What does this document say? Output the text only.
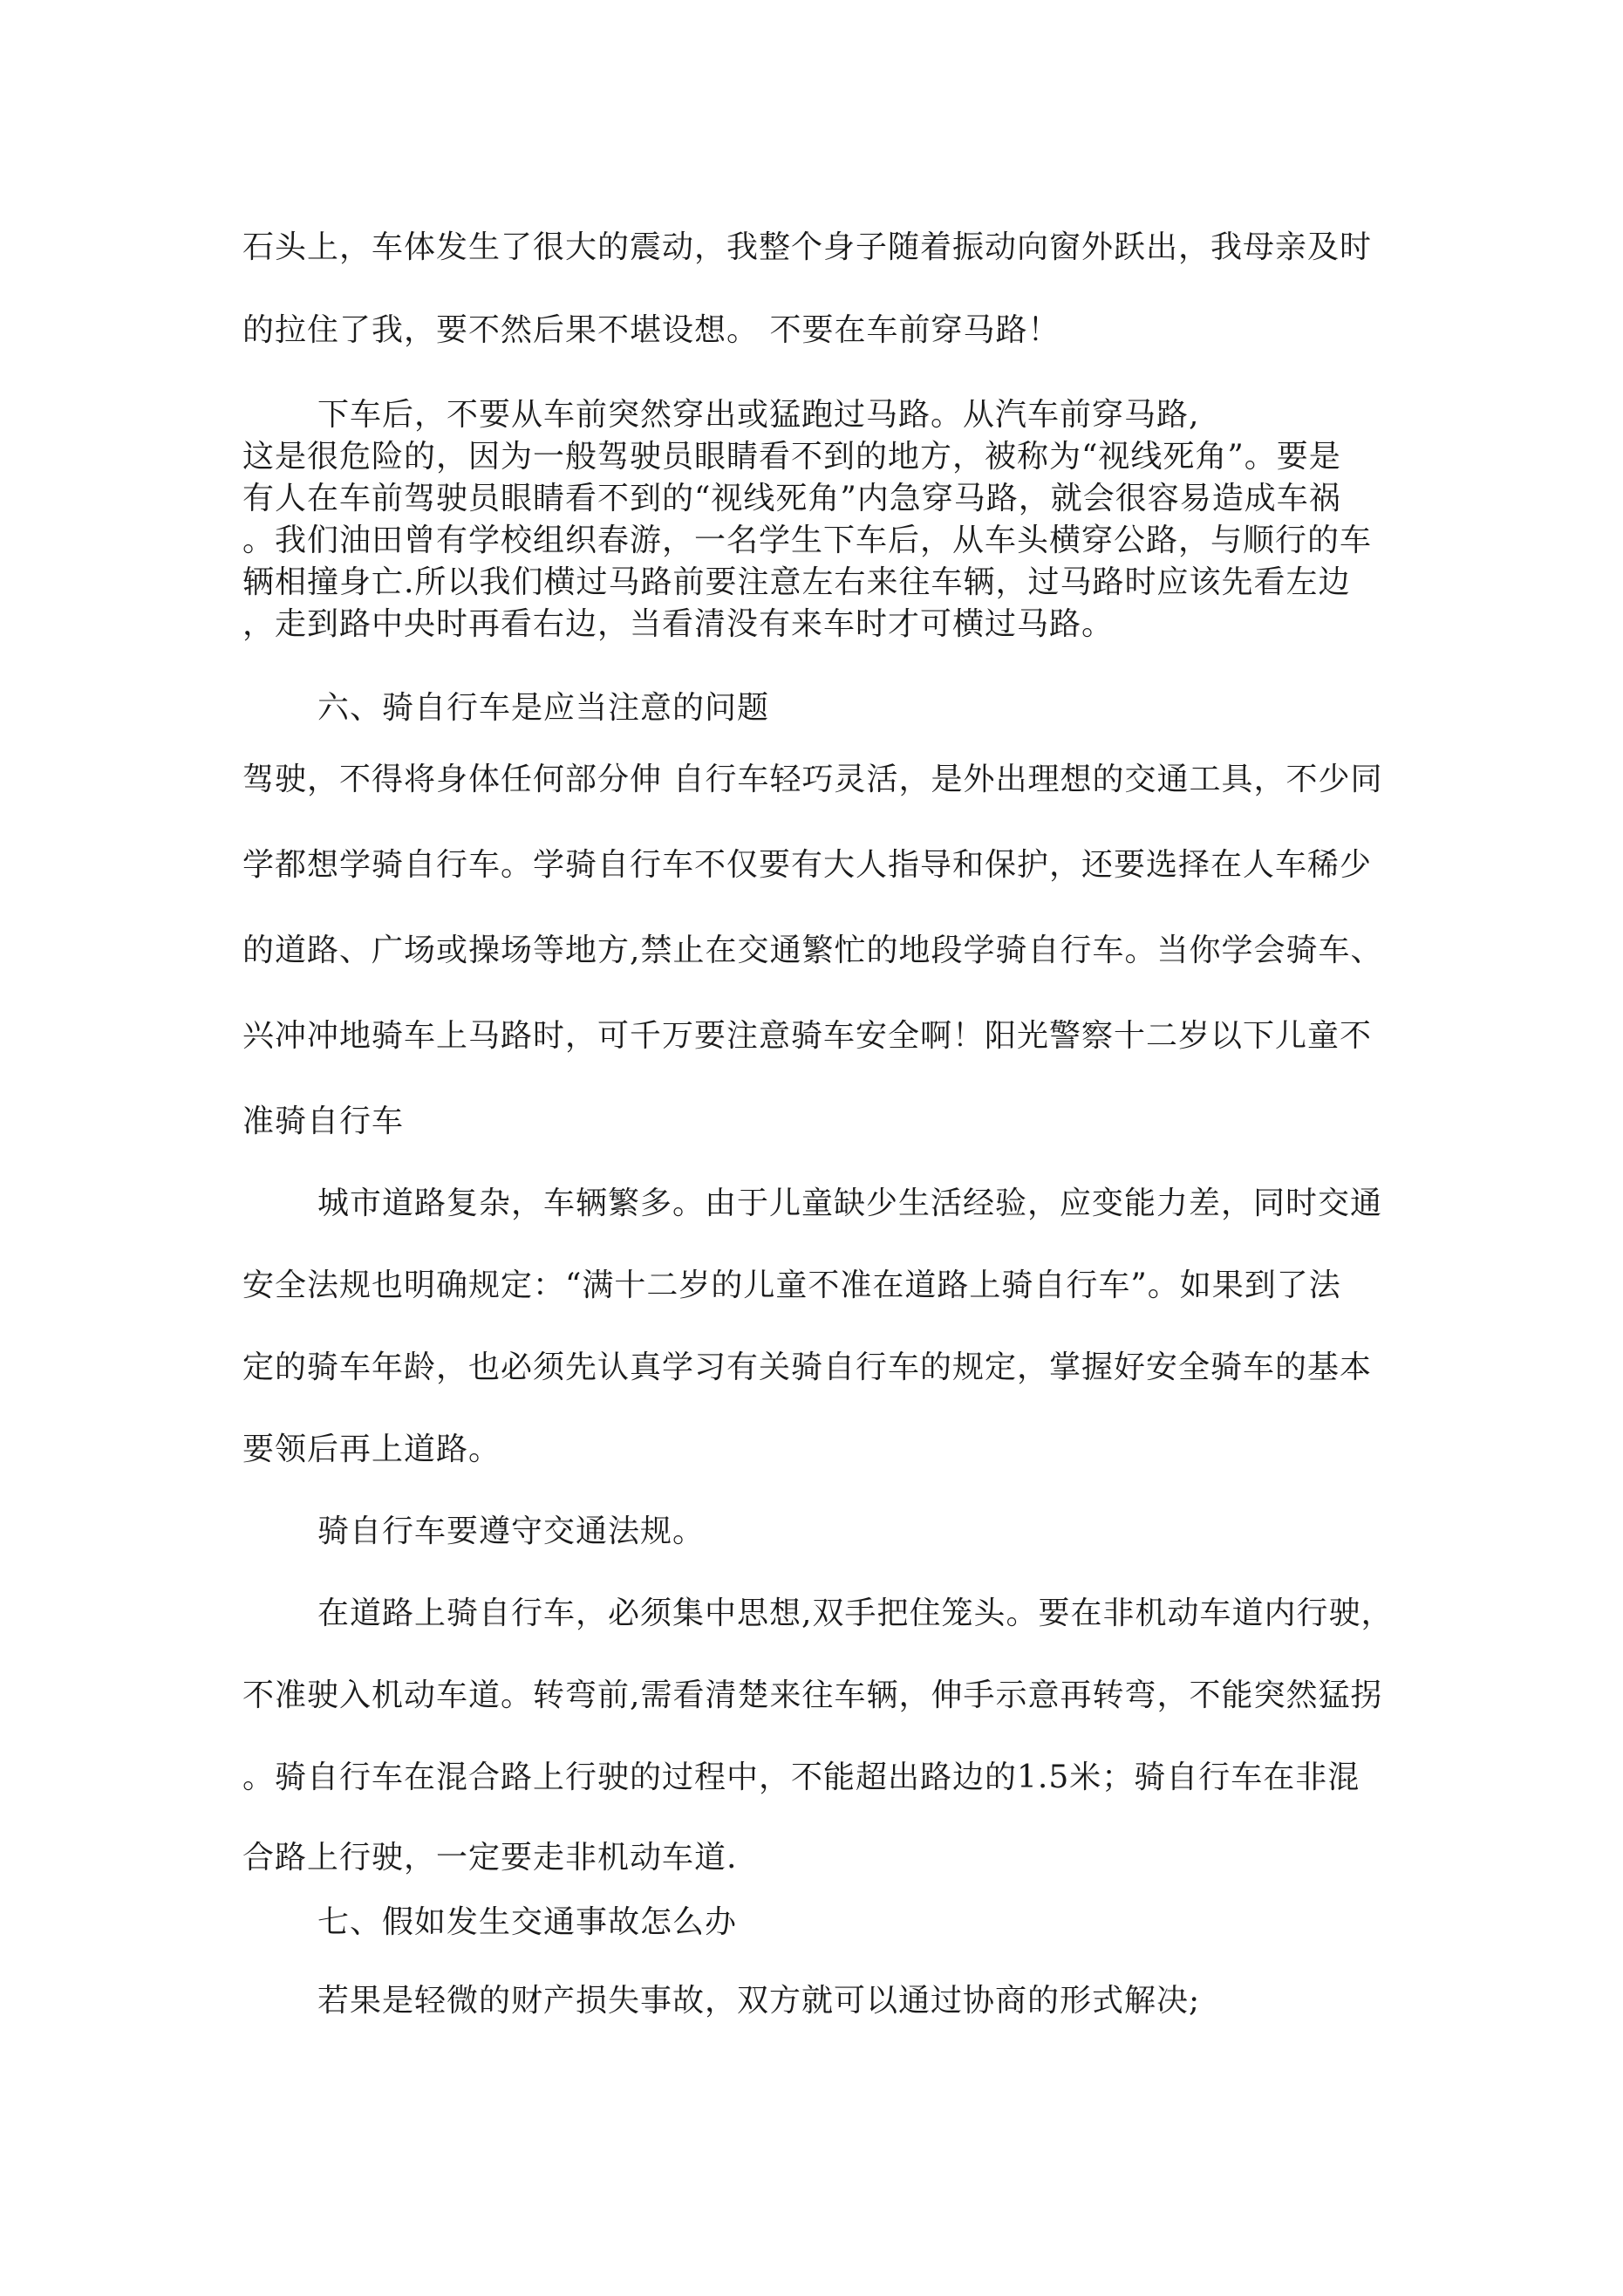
石头上，车体发生了很大的震动，我整个身子随着振动向窗外跃出，我母亲及时

的拉住了我，要不然后果不堪设想。 不要在车前穿马路！

下车后，不要从车前突然穿出或猛跑过马路。从汽车前穿马路,

这是很危险的，因为一般驾驶员眼睛看不到的地方，被称为“视线死角”。要是

有人在车前驾驶员眼睛看不到的“视线死角”内急穿马路，就会很容易造成车祸

。我们油田曾有学校组织春游，一名学生下车后，从车头横穿公路，与顺行的车

辆相撞身亡.所以我们横过马路前要注意左右来往车辆，过马路时应该先看左边

，走到路中央时再看右边，当看清没有来车时才可横过马路。

六、骑自行车是应当注意的问题

驾驶，不得将身体任何部分伸 自行车轻巧灵活，是外出理想的交通工具，不少同

学都想学骑自行车。学骑自行车不仅要有大人指导和保护，还要选择在人车稀少

的道路、广场或操场等地方,禁止在交通繁忙的地段学骑自行车。当你学会骑车、

兴冲冲地骑车上马路时，可千万要注意骑车安全啊！阳光警察十二岁以下儿童不

准骑自行车

城市道路复杂，车辆繁多。由于儿童缺少生活经验，应变能力差，同时交通

安全法规也明确规定：“满十二岁的儿童不准在道路上骑自行车”。如果到了法

定的骑车年龄，也必须先认真学习有关骑自行车的规定，掌握好安全骑车的基本

要领后再上道路。

骑自行车要遵守交通法规。

在道路上骑自行车，必须集中思想,双手把住笼头。要在非机动车道内行驶，

不准驶入机动车道。转弯前,需看清楚来往车辆，伸手示意再转弯，不能突然猛拐

。骑自行车在混合路上行驶的过程中，不能超出路边的1.5米；骑自行车在非混

合路上行驶，一定要走非机动车道.

七、假如发生交通事故怎么办

若果是轻微的财产损失事故，双方就可以通过协商的形式解决;
